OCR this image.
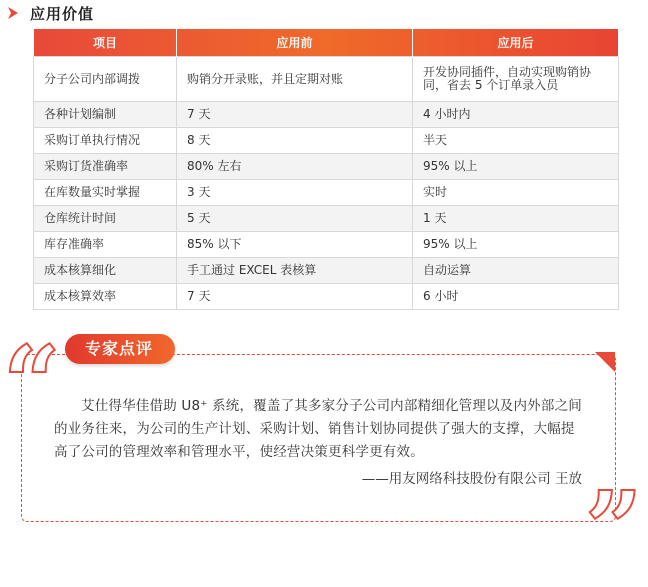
应用价值
项目	应用前	应用后
分子公司内部调拨	购销分开录账，并且定期对账	开发协同插件，自动实现购销协同，省去 5 个订单录入员
各种计划编制	7 天	4 小时内
采购订单执行情况	8 天	半天
采购订货准确率	80% 左右	95% 以上
在库数量实时掌握	3 天	实时
仓库统计时间	5 天	1 天
库存准确率	85% 以下	95% 以上
成本核算细化	手工通过 EXCEL 表核算	自动运算
成本核算效率	7 天	6 小时
“	专家点评
艾仕得华佳借助 U8⁺ 系统，覆盖了其多家分子公司内部精细化管理以及内外部之间的业务往来，为公司的生产计划、采购计划、销售计划协同提供了强大的支撑，大幅提高了公司的管理效率和管理水平，使经营决策更科学更有效。
——用友网络科技股份有限公司 王放 ”
